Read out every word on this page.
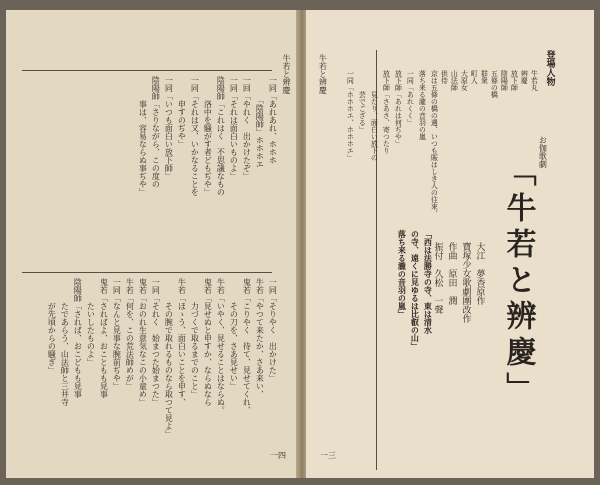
牛若と辨慶
一四
一同「あれあれ、ホホホ
　　　「陰陽師」ホホホエ
一回「やれく　出かけたぞ」
一同「それは面白いものよ」
陰陽師「これはく　不思議なもの
　　　洛中を騒がす者どもぢや」
一同「それは又、いかなることを
　　　申すのぢや」
一同「いつも面白い放下師」
陰陽師「さりながら、この度の
　　　事は、容易ならぬ事ぢや」
一同「そりやく　出かけた」
牛若「やつて来たか、さあ来い、
鬼若「こりやく　待て、見せてくれ、
　　　その刀を、さあ見せい」
牛若「いやく、見せることはならぬ。
鬼若「見せぬと申すか、ならぬなら
　　　力づくで取るまでのこと」
牛若「ほゝう、面白いことを申す、
　　　その腕で取れるものなら取つて見よ」
一同「それく　始まつた始まつた」
鬼若「おのれ生意気なこの小童め」
牛若「何を、この荒法師めが」
一同「なんと見事な腕前ぢや」
鬼若「さればよ、おこともも見事
　　　たいしたものよ」
陰陽師「されば、おこどもも見事
　　　たであらう、山法師と三井寺
　　　が先頃からの騒ぎ」
牛若と辨慶
一三
お伽歌劇
「牛若と辨慶」
登場人物
牛若丸
辨慶
放下師
陰陽師
五條の橋
群衆
町人
大原女
山法師
供侍
大江　夢香原作
寶塚少女歌劇團改作
作曲　原田　潤
振付　久松　一聲
京は五條の橋の邊、いつも賑はしき人の往來、
落ち来る瀧の音羽の嵐
一同「あれくく」
放下師「あれは何ぢや」
放下師「さあさ、寄つたり
　　　見たり、面白い放下の
　　　芸でござる」
一同「ホホホエ、ホホホエ」
「西は法勝寺の寺、東は清水
の寺、遠くに見ゆるは比叡の山」
落ち来る瀧の音羽の嵐」
